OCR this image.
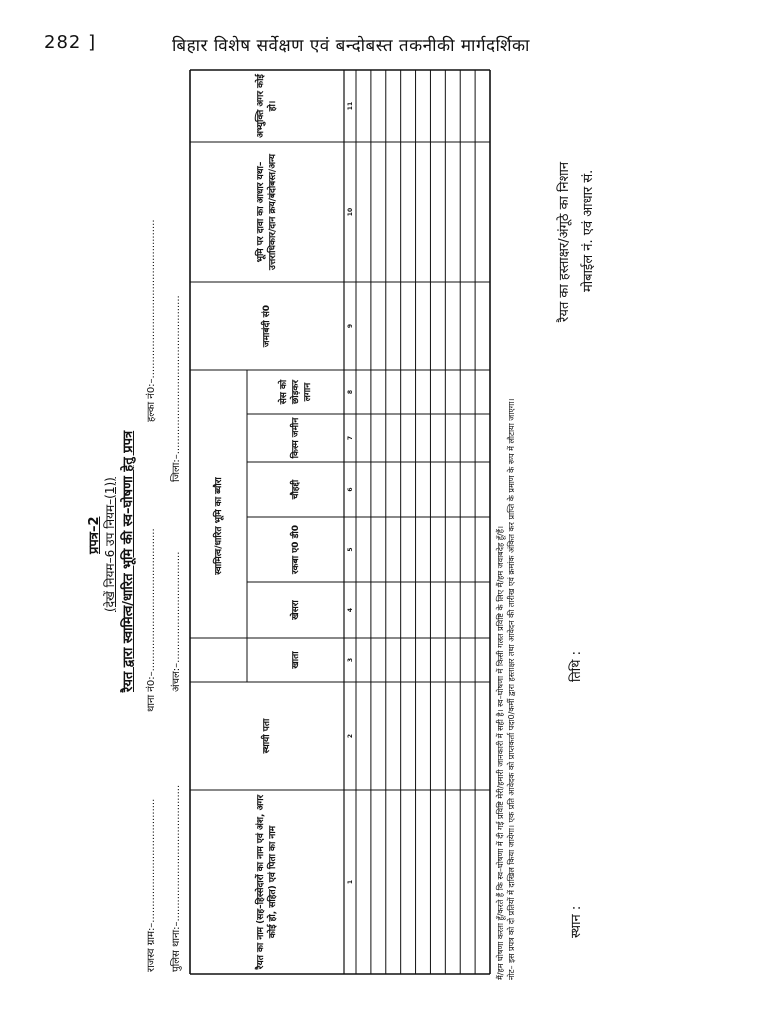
282 ]	बिहार विशेष सर्वेक्षण एवं बन्दोबस्त तकनीकी मार्गदर्शिका
प्रपत्र–2 (देखें नियम–6 उप नियम–(1)) रैयत द्वारा स्वामित्व/धारित भूमि की स्व–घोषणा हेतु प्रपत्र
राजस्व ग्राम:–.......................................
थाना नं0:–.............................................
हल्का नं0:–..................................................
पुलिस थाना:–...........................................
अंचल:–...................................
जिला:–..................................................
रैयत का नाम (सह–हिस्सेदारों का नाम एवं अंश, अगर कोई हो, सहित) एवं पिता का नाम
स्थायी पता
स्वामित्व/धारित भूमि का ब्यौरा
खाता
खेसरा
रकबा ए0 डी0
चौहद्दी
किस्म जमीन
सेस को छोड़कर लगान
जमाबंदी सं0
भूमि पर दावा का आधार यथा–उत्तराधिकार/दान क्रय/बंदोबस्त/अन्य
अभ्युक्ति अगर कोई हो।
1
2
3
4
5
6
7
8
9
10
11
मैं/हम घोषणा करता हूँ/करते हैं कि स्व–घोषणा में दी गई प्रविष्टि मेरी/हमारी जानकारी में सही है। स्व–घोषणा में किसी गलत प्रविष्टि के लिए मैं/हम जवाबदेह हूँ/हैं। नोट– इस प्रपत्र को दो प्रतियों में दाखिल किया जायेगा। एक प्रति आवेदक को प्राप्तकर्ता पदा0/कर्मी द्वारा हस्ताक्षर तथा आवेदन की तारीख एवं क्रमांक अंकित कर प्राप्ति के प्रमाण के रूप में लौटाया जाएगा।	स्थान :
तिथि :
रैयत का हस्ताक्षर/अंगूठे का निशान मोबाईल नं. एवं आधार सं.
